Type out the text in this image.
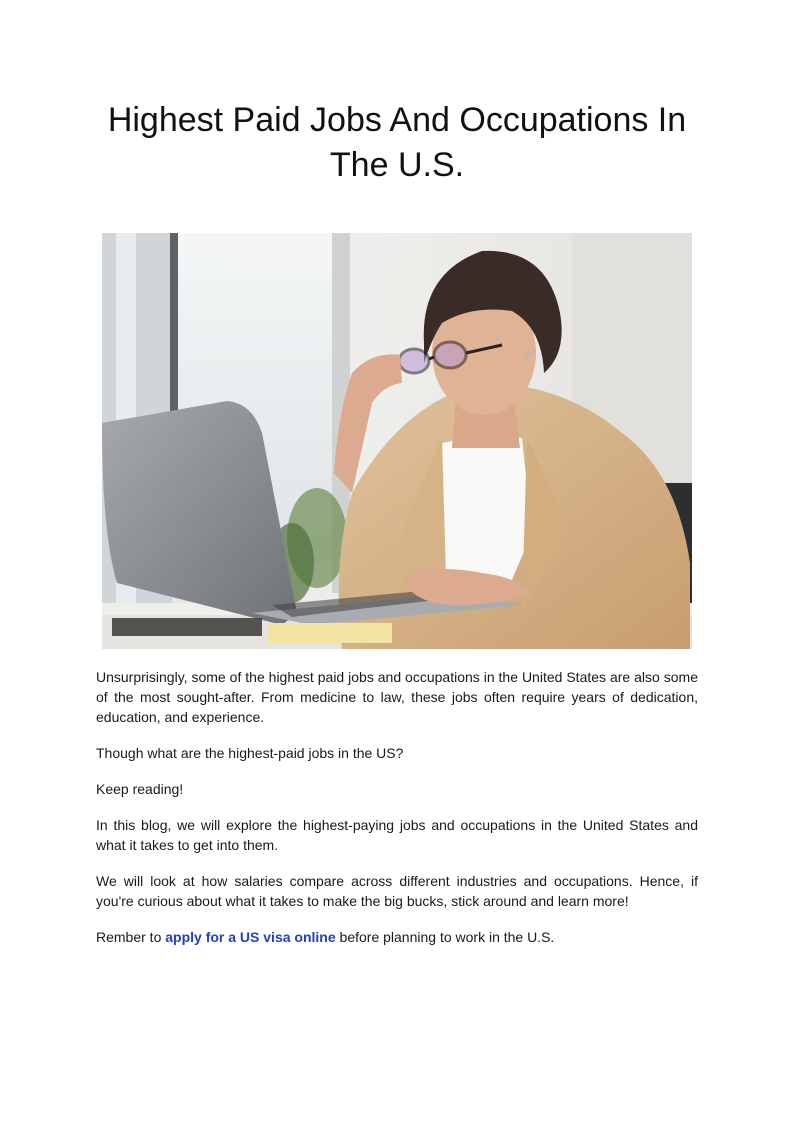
Highest Paid Jobs And Occupations In The U.S.

Unsurprisingly, some of the highest paid jobs and occupations in the United States are also some of the most sought-after. From medicine to law, these jobs often require years of dedication, education, and experience.

Though what are the highest-paid jobs in the US?

Keep reading!

In this blog, we will explore the highest-paying jobs and occupations in the United States and what it takes to get into them.

We will look at how salaries compare across different industries and occupations. Hence, if you're curious about what it takes to make the big bucks, stick around and learn more!

Rember to apply for a US visa online before planning to work in the U.S.
